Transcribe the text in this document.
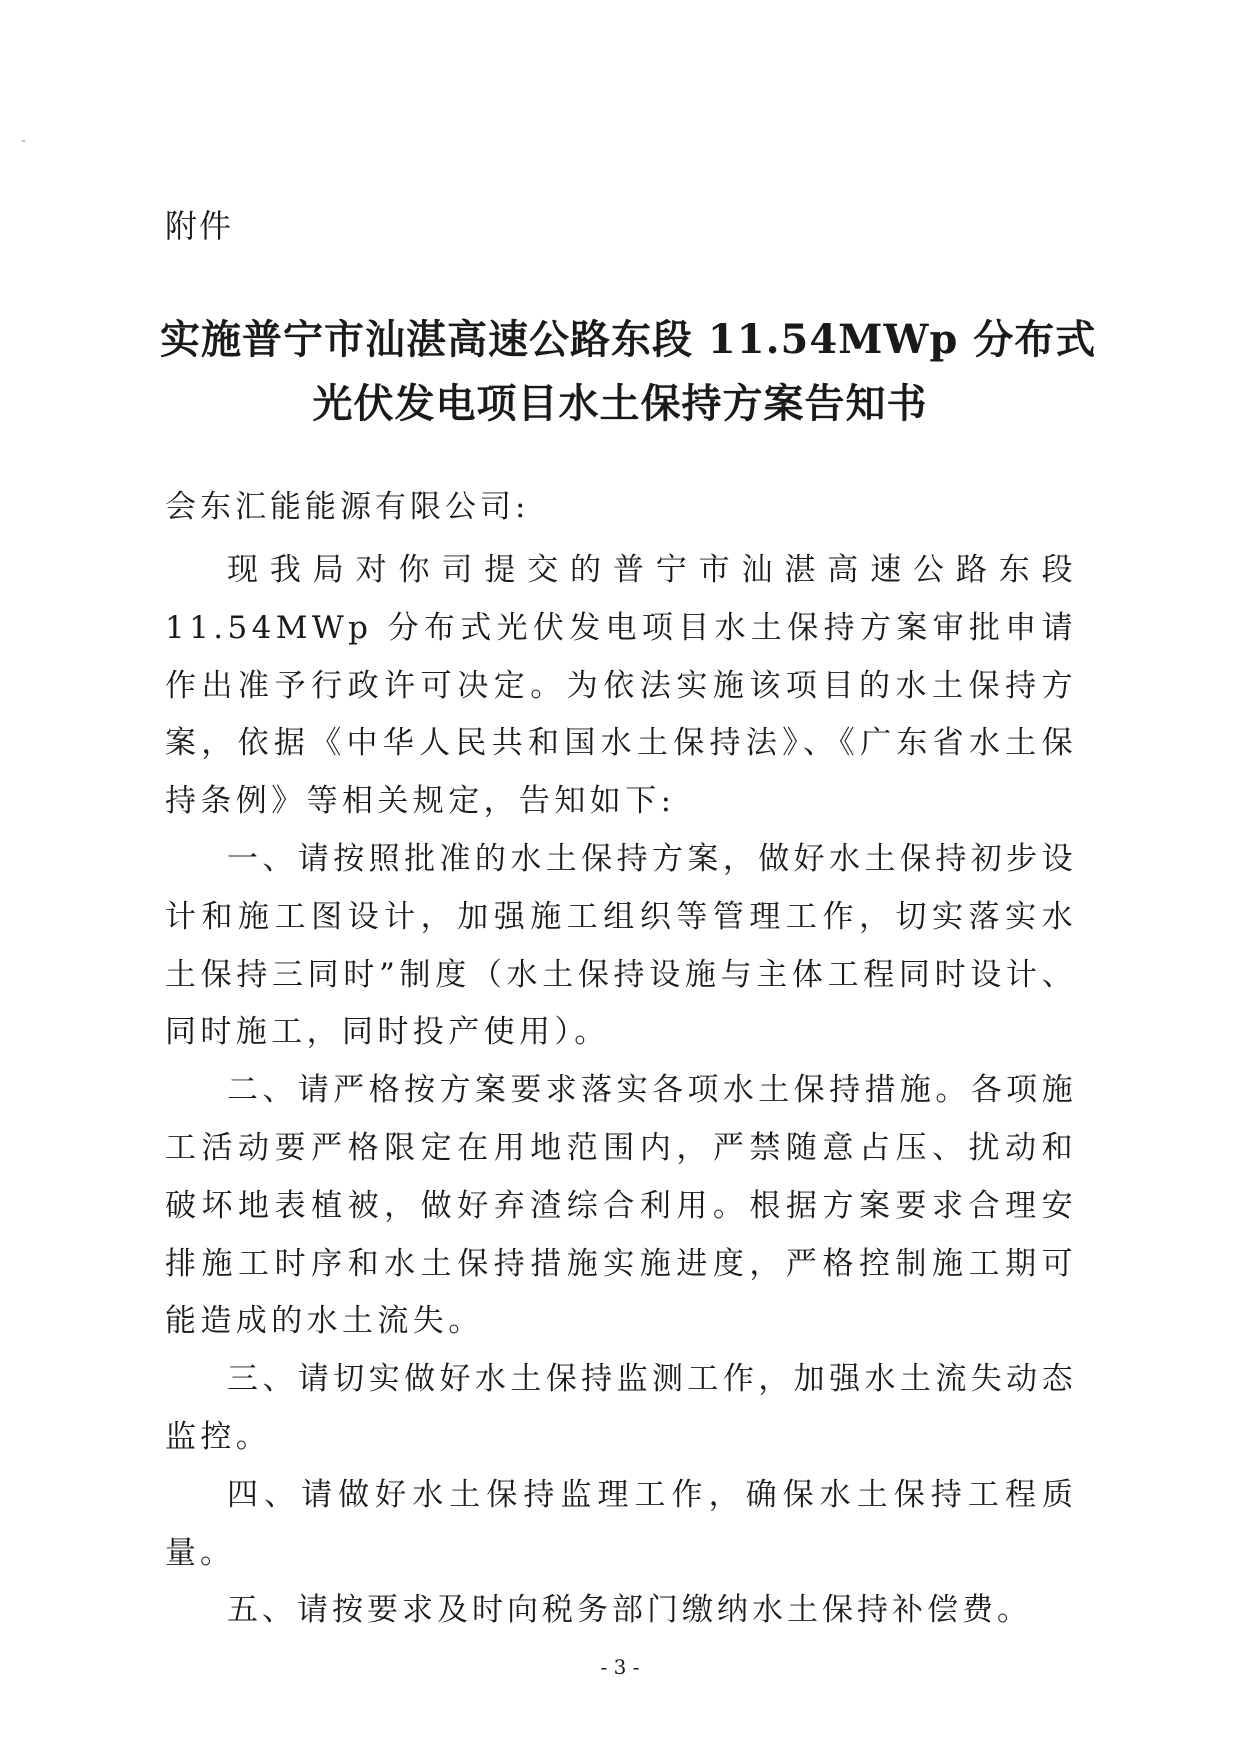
附件
实施普宁市汕湛高速公路东段 11.54MWp 分布式
光伏发电项目水土保持方案告知书
会东汇能能源有限公司:

现我局对你司提交的普宁市汕湛高速公路东段 11.54MWp 分布式光伏发电项目水土保持方案审批申请作出准予行政许可决定。为依法实施该项目的水土保持方案，依据《中华人民共和国水土保持法》、《广东省水土保持条例》等相关规定，告知如下:

一、请按照批准的水土保持方案，做好水土保持初步设计和施工图设计，加强施工组织等管理工作，切实落实水土保持三同时”制度（水土保持设施与主体工程同时设计、同时施工，同时投产使用）。

二、请严格按方案要求落实各项水土保持措施。各项施工活动要严格限定在用地范围内，严禁随意占压、扰动和破坏地表植被，做好弃渣综合利用。根据方案要求合理安排施工时序和水土保持措施实施进度，严格控制施工期可能造成的水土流失。

三、请切实做好水土保持监测工作，加强水土流失动态监控。

四、请做好水土保持监理工作，确保水土保持工程质量。

五、请按要求及时向税务部门缴纳水土保持补偿费。

- 3 -
